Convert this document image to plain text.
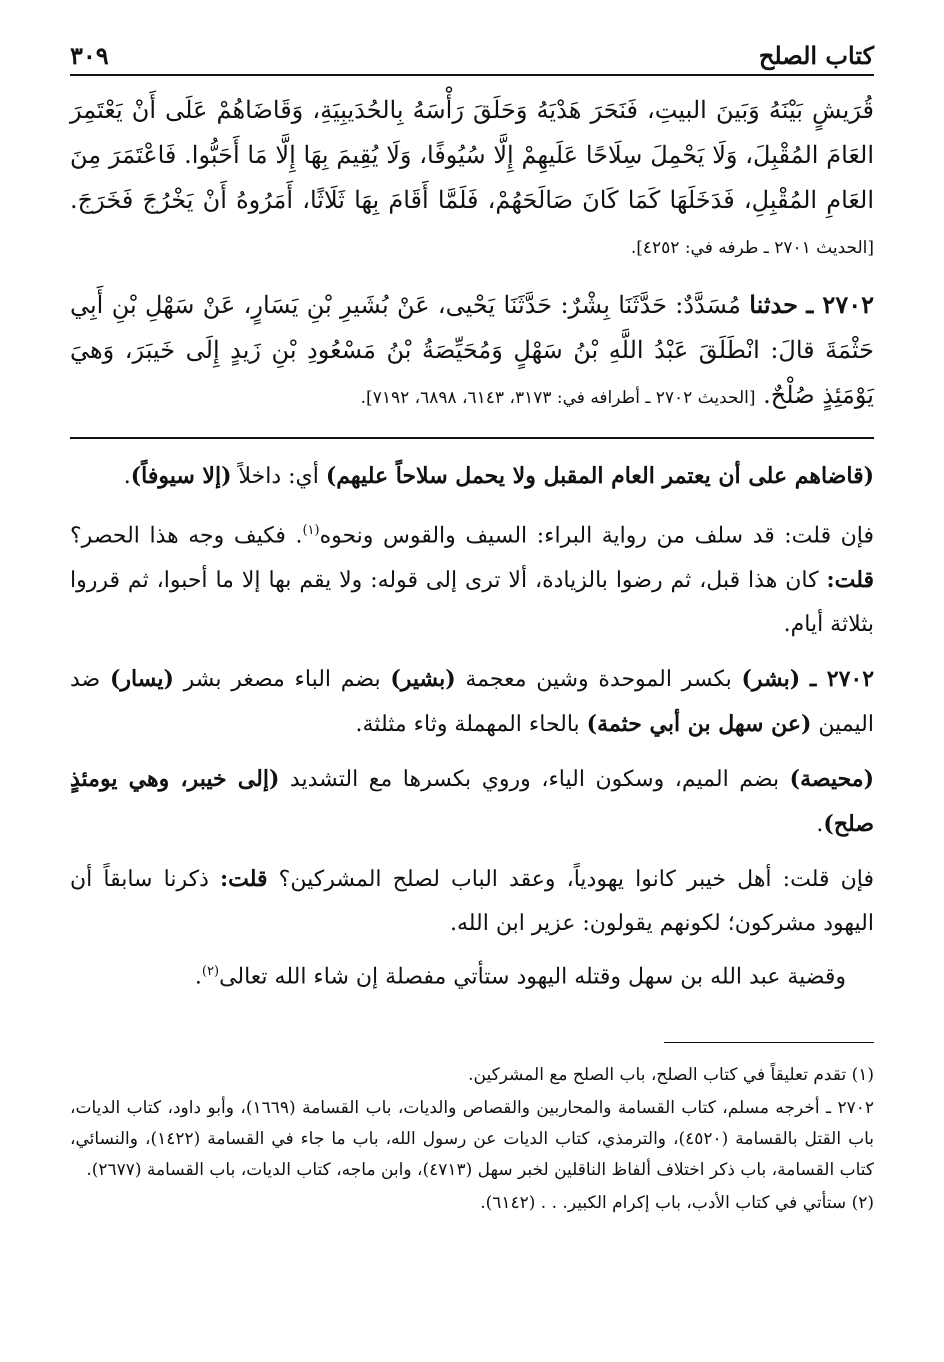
كتاب الصلح
٣٠٩
قُرَيشٍ بَيْنَهُ وَبَينَ البيتِ، فَنَحَرَ هَدْيَهُ وَحَلَقَ رَأْسَهُ بِالحُدَيبِيَةِ، وَقَاضَاهُمْ عَلَى أَنْ يَعْتَمِرَ العَامَ المُقْبِلَ، وَلَا يَحْمِلَ سِلَاحًا عَلَيهِمْ إِلَّا سُيُوفًا، وَلَا يُقِيمَ بِهَا إِلَّا مَا أَحَبُّوا. فَاعْتَمَرَ مِنَ العَامِ المُقْبِلِ، فَدَخَلَهَا كَمَا كَانَ صَالَحَهُمْ، فَلَمَّا أَقَامَ بِهَا ثَلَاثًا، أَمَرُوهُ أَنْ يَخْرُجَ فَخَرَجَ. [الحديث ٢٧٠١ ـ طرفه في: ٤٢٥٢].
٢٧٠٢ ـ حدثنا مُسَدَّدٌ: حَدَّثَنَا بِشْرٌ: حَدَّثَنَا يَحْيى، عَنْ بُشَيرِ بْنِ يَسَارٍ، عَنْ سَهْلِ بْنِ أَبِي حَثْمَةَ قالَ: انْطَلَقَ عَبْدُ اللَّهِ بْنُ سَهْلٍ وَمُحَيِّصَةُ بْنُ مَسْعُودِ بْنِ زَيدٍ إِلَى خَيبَرَ، وَهيَ يَوْمَئِذٍ صُلْحٌ. [الحديث ٢٧٠٢ ـ أطرافه في: ٣١٧٣، ٦١٤٣، ٦٨٩٨، ٧١٩٢].

(قاضاهم على أن يعتمر العام المقبل ولا يحمل سلاحاً عليهم) أي: داخلاً (إلا سيوفاً).

فإن قلت: قد سلف من رواية البراء: السيف والقوس ونحوه$^{(١)}$. فكيف وجه هذا الحصر؟ قلت: كان هذا قبل، ثم رضوا بالزيادة، ألا ترى إلى قوله: ولا يقم بها إلا ما أحبوا، ثم قرروا بثلاثة أيام.

٢٧٠٢ ـ (بشر) بكسر الموحدة وشين معجمة (بشير) بضم الباء مصغر بشر (يسار) ضد اليمين (عن سهل بن أبي حثمة) بالحاء المهملة وثاء مثلثة.

(محيصة) بضم الميم، وسكون الياء، وروي بكسرها مع التشديد (إلى خيبر، وهي يومئذٍ صلح).

فإن قلت: أهل خيبر كانوا يهودياً، وعقد الباب لصلح المشركين؟ قلت: ذكرنا سابقاً أن اليهود مشركون؛ لكونهم يقولون: عزير ابن الله.

وقضية عبد الله بن سهل وقتله اليهود ستأتي مفصلة إن شاء الله تعالى$^{(٢)}$.

(١) تقدم تعليقاً في كتاب الصلح، باب الصلح مع المشركين.

٢٧٠٢ ـ أخرجه مسلم، كتاب القسامة والمحاربين والقصاص والديات، باب القسامة (١٦٦٩)، وأبو داود، كتاب الديات، باب القتل بالقسامة (٤٥٢٠)، والترمذي، كتاب الديات عن رسول الله، باب ما جاء في القسامة (١٤٢٢)، والنسائي، كتاب القسامة، باب ذكر اختلاف ألفاظ الناقلين لخبر سهل (٤٧١٣)، وابن ماجه، كتاب الديات، باب القسامة (٢٦٧٧).

(٢) ستأتي في كتاب الأدب، باب إكرام الكبير. . . (٦١٤٢).
